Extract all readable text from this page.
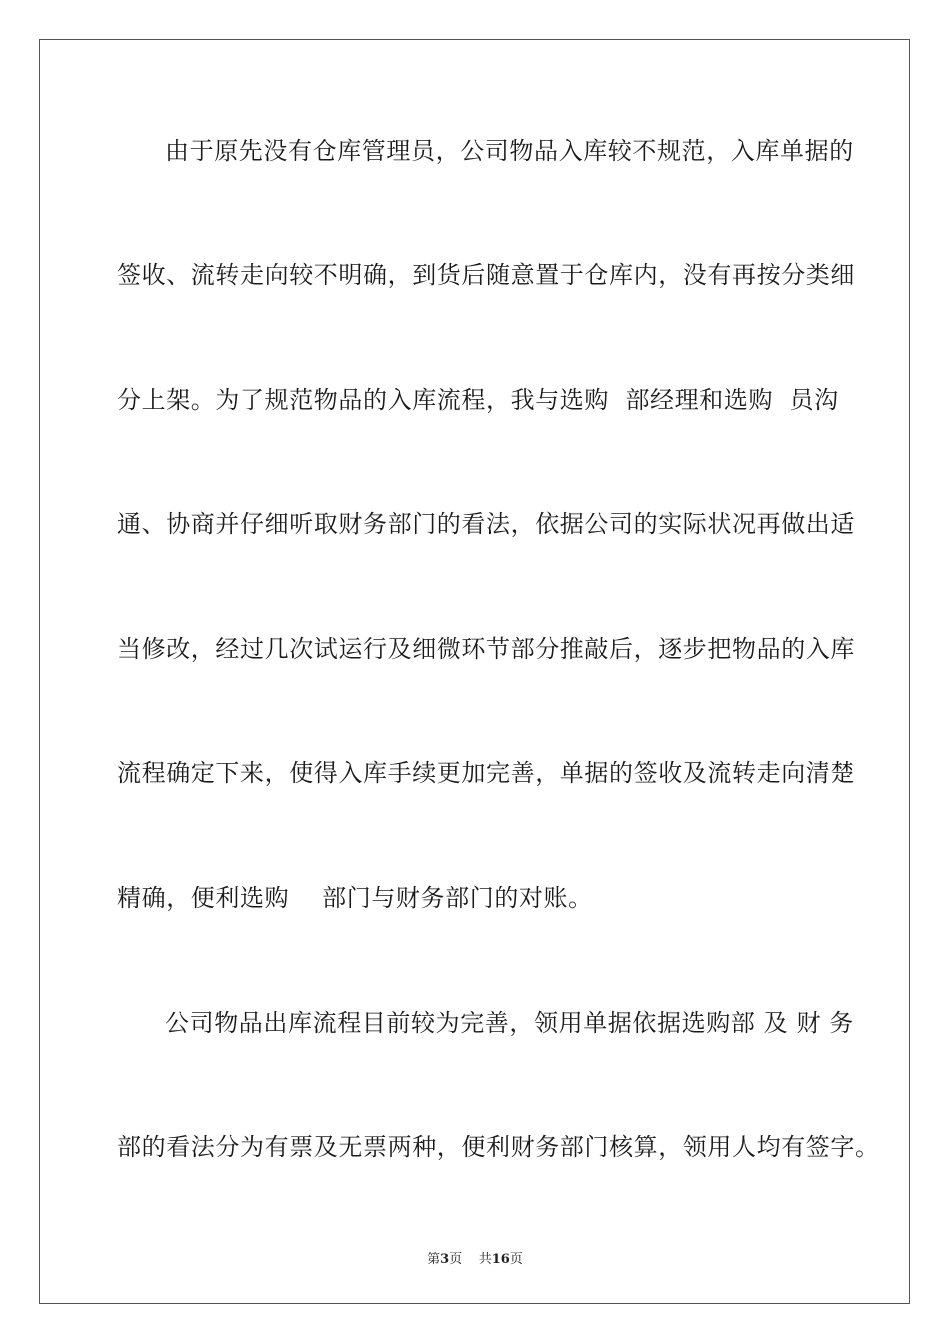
由于原先没有仓库管理员，公司物品入库较不规范，入库单据的
签收、流转走向较不明确，到货后随意置于仓库内，没有再按分类细
分上架。为了规范物品的入库流程，我与选购  部经理和选购  员沟
通、协商并仔细听取财务部门的看法，依据公司的实际状况再做出适
当修改，经过几次试运行及细微环节部分推敲后，逐步把物品的入库
流程确定下来，使得入库手续更加完善，单据的签收及流转走向清楚
精确，便利选购    部门与财务部门的对账。
公司物品出库流程目前较为完善，领用单据依据选购部 及 财 务
部的看法分为有票及无票两种，便利财务部门核算，领用人均有签字。
第3页 共16页
